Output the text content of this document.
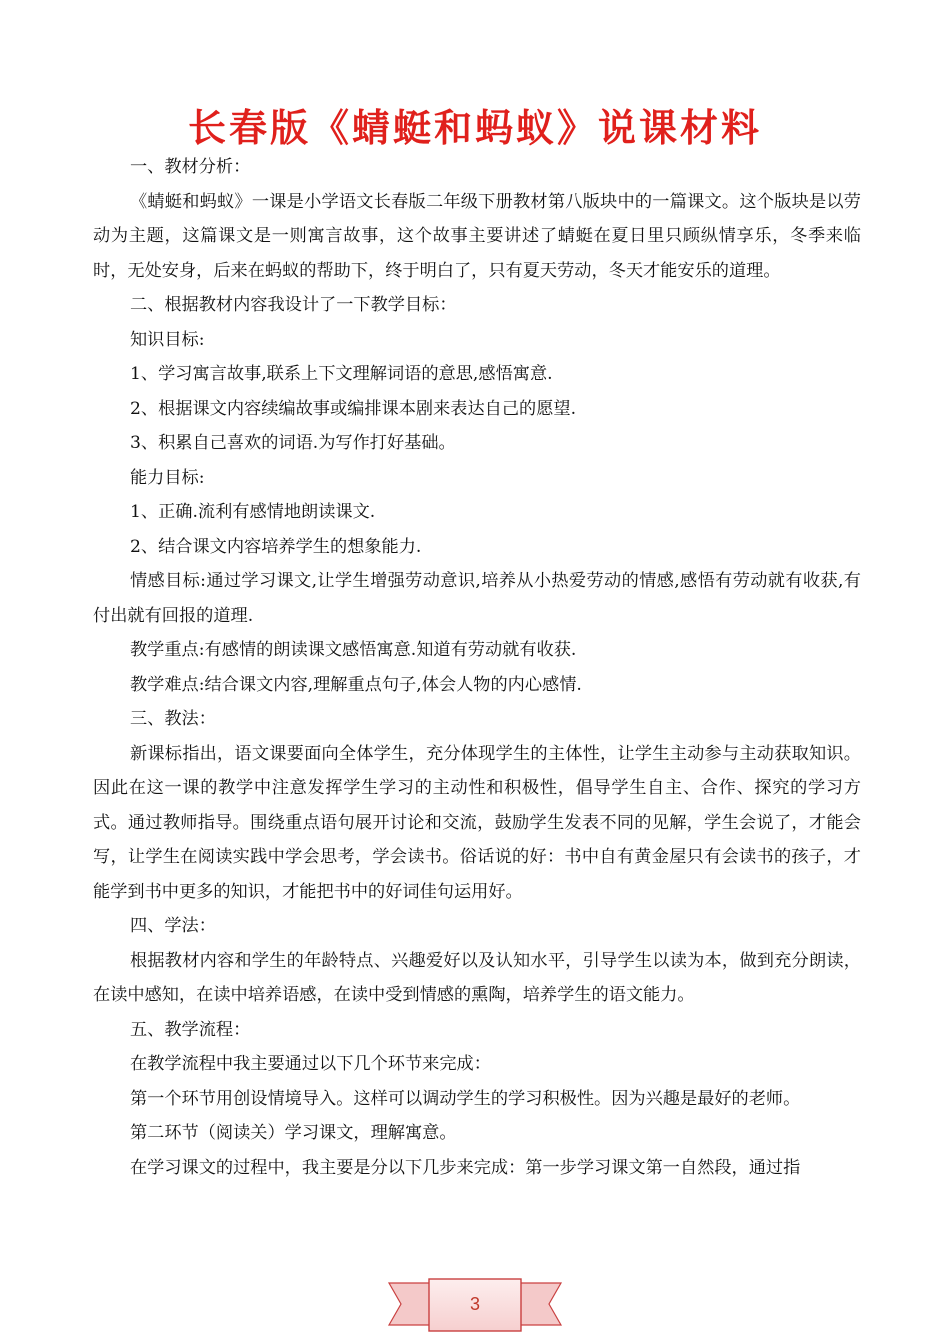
长春版《蜻蜓和蚂蚁》说课材料

一、教材分析：

《蜻蜓和蚂蚁》一课是小学语文长春版二年级下册教材第八版块中的一篇课文。这个版块是以劳动为主题，这篇课文是一则寓言故事，这个故事主要讲述了蜻蜓在夏日里只顾纵情享乐，冬季来临时，无处安身，后来在蚂蚁的帮助下，终于明白了，只有夏天劳动，冬天才能安乐的道理。

二、根据教材内容我设计了一下教学目标：

知识目标:

1、学习寓言故事,联系上下文理解词语的意思,感悟寓意.

2、根据课文内容续编故事或编排课本剧来表达自己的愿望.

3、积累自己喜欢的词语.为写作打好基础。

能力目标:

1、正确.流利有感情地朗读课文.

2、结合课文内容培养学生的想象能力.

情感目标:通过学习课文,让学生增强劳动意识,培养从小热爱劳动的情感,感悟有劳动就有收获,有付出就有回报的道理.

教学重点:有感情的朗读课文感悟寓意.知道有劳动就有收获.

教学难点:结合课文内容,理解重点句子,体会人物的内心感情.

三、教法：

新课标指出，语文课要面向全体学生，充分体现学生的主体性，让学生主动参与主动获取知识。因此在这一课的教学中注意发挥学生学习的主动性和积极性，倡导学生自主、合作、探究的学习方式。通过教师指导。围绕重点语句展开讨论和交流，鼓励学生发表不同的见解，学生会说了，才能会写，让学生在阅读实践中学会思考，学会读书。俗话说的好：书中自有黄金屋只有会读书的孩子，才能学到书中更多的知识，才能把书中的好词佳句运用好。

四、学法：

根据教材内容和学生的年龄特点、兴趣爱好以及认知水平，引导学生以读为本，做到充分朗读，在读中感知，在读中培养语感，在读中受到情感的熏陶，培养学生的语文能力。

五、教学流程：

在教学流程中我主要通过以下几个环节来完成：

第一个环节用创设情境导入。这样可以调动学生的学习积极性。因为兴趣是最好的老师。

第二环节（阅读关）学习课文，理解寓意。

在学习课文的过程中，我主要是分以下几步来完成：第一步学习课文第一自然段，通过指

3
